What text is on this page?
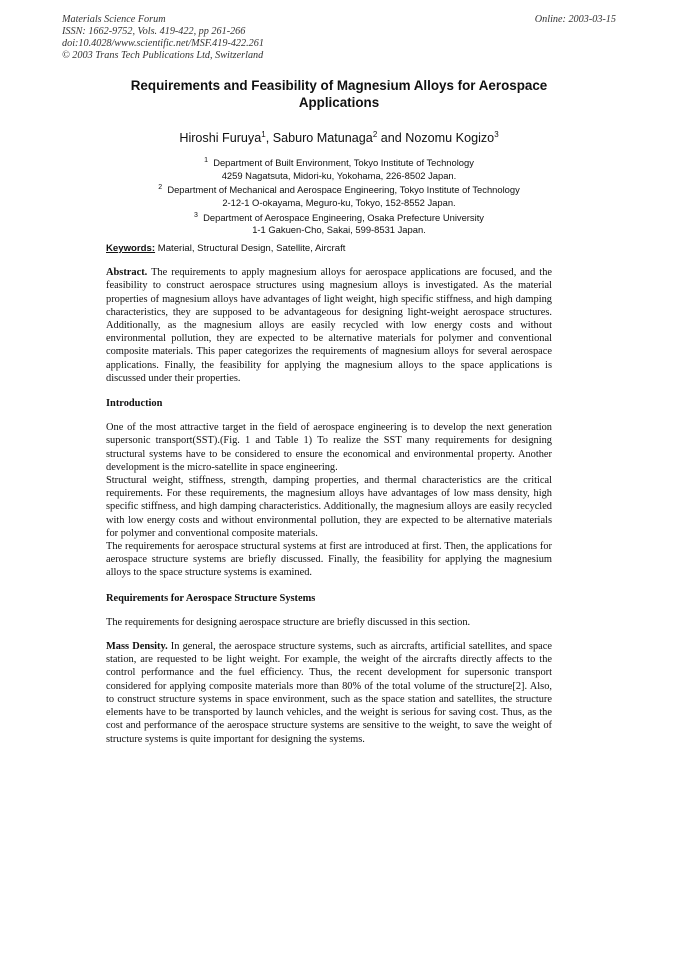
Materials Science Forum
ISSN: 1662-9752, Vols. 419-422, pp 261-266
doi:10.4028/www.scientific.net/MSF.419-422.261
© 2003 Trans Tech Publications Ltd, Switzerland
Online: 2003-03-15
Requirements and Feasibility of Magnesium Alloys for Aerospace
Applications
Hiroshi Furuya$^1$, Saburo Matunaga$^2$ and Nozomu Kogizo$^3$
$^1$ Department of Built Environment, Tokyo Institute of Technology
4259 Nagatsuta, Midori-ku, Yokohama, 226-8502 Japan.
$^2$ Department of Mechanical and Aerospace Engineering, Tokyo Institute of Technology
2-12-1 O-okayama, Meguro-ku, Tokyo, 152-8552 Japan.
$^3$ Department of Aerospace Engineering, Osaka Prefecture University
1-1 Gakuen-Cho, Sakai, 599-8531 Japan.
Keywords: Material, Structural Design, Satellite, Aircraft

Abstract. The requirements to apply magnesium alloys for aerospace applications are focused, and the feasibility to construct aerospace structures using magnesium alloys is investigated. As the material properties of magnesium alloys have advantages of light weight, high specific stiffness, and high damping characteristics, they are supposed to be advantageous for designing light-weight aerospace structures. Additionally, as the magnesium alloys are easily recycled with low energy costs and without environmental pollution, they are expected to be alternative materials for polymer and conventional composite materials. This paper categorizes the requirements of magnesium alloys for several aerospace applications. Finally, the feasibility for applying the magnesium alloys to the space applications is discussed under their properties.

Introduction

One of the most attractive target in the field of aerospace engineering is to develop the next generation supersonic transport(SST).(Fig. 1 and Table 1) To realize the SST many requirements for designing structural systems have to be considered to ensure the economical and environmental property. Another development is the micro-satellite in space engineering.

Structural weight, stiffness, strength, damping properties, and thermal characteristics are the critical requirements. For these requirements, the magnesium alloys have advantages of low mass density, high specific stiffness, and high damping characteristics. Additionally, the magnesium alloys are easily recycled with low energy costs and without environmental pollution, they are expected to be alternative materials for polymer and conventional composite materials.

The requirements for aerospace structural systems at first are introduced at first. Then, the applications for aerospace structure systems are briefly discussed. Finally, the feasibility for applying the magnesium alloys to the space structure systems is examined.

Requirements for Aerospace Structure Systems

The requirements for designing aerospace structure are briefly discussed in this section.

Mass Density. In general, the aerospace structure systems, such as aircrafts, artificial satellites, and space station, are requested to be light weight. For example, the weight of the aircrafts directly affects to the control performance and the fuel efficiency. Thus, the recent development for supersonic transport considered for applying composite materials more than 80% of the total volume of the structure[2]. Also, to construct structure systems in space environment, such as the space station and satellites, the structure elements have to be transported by launch vehicles, and the weight is serious for saving cost. Thus, as the cost and performance of the aerospace structure systems are sensitive to the weight, to save the weight of structure systems is quite important for designing the systems.
